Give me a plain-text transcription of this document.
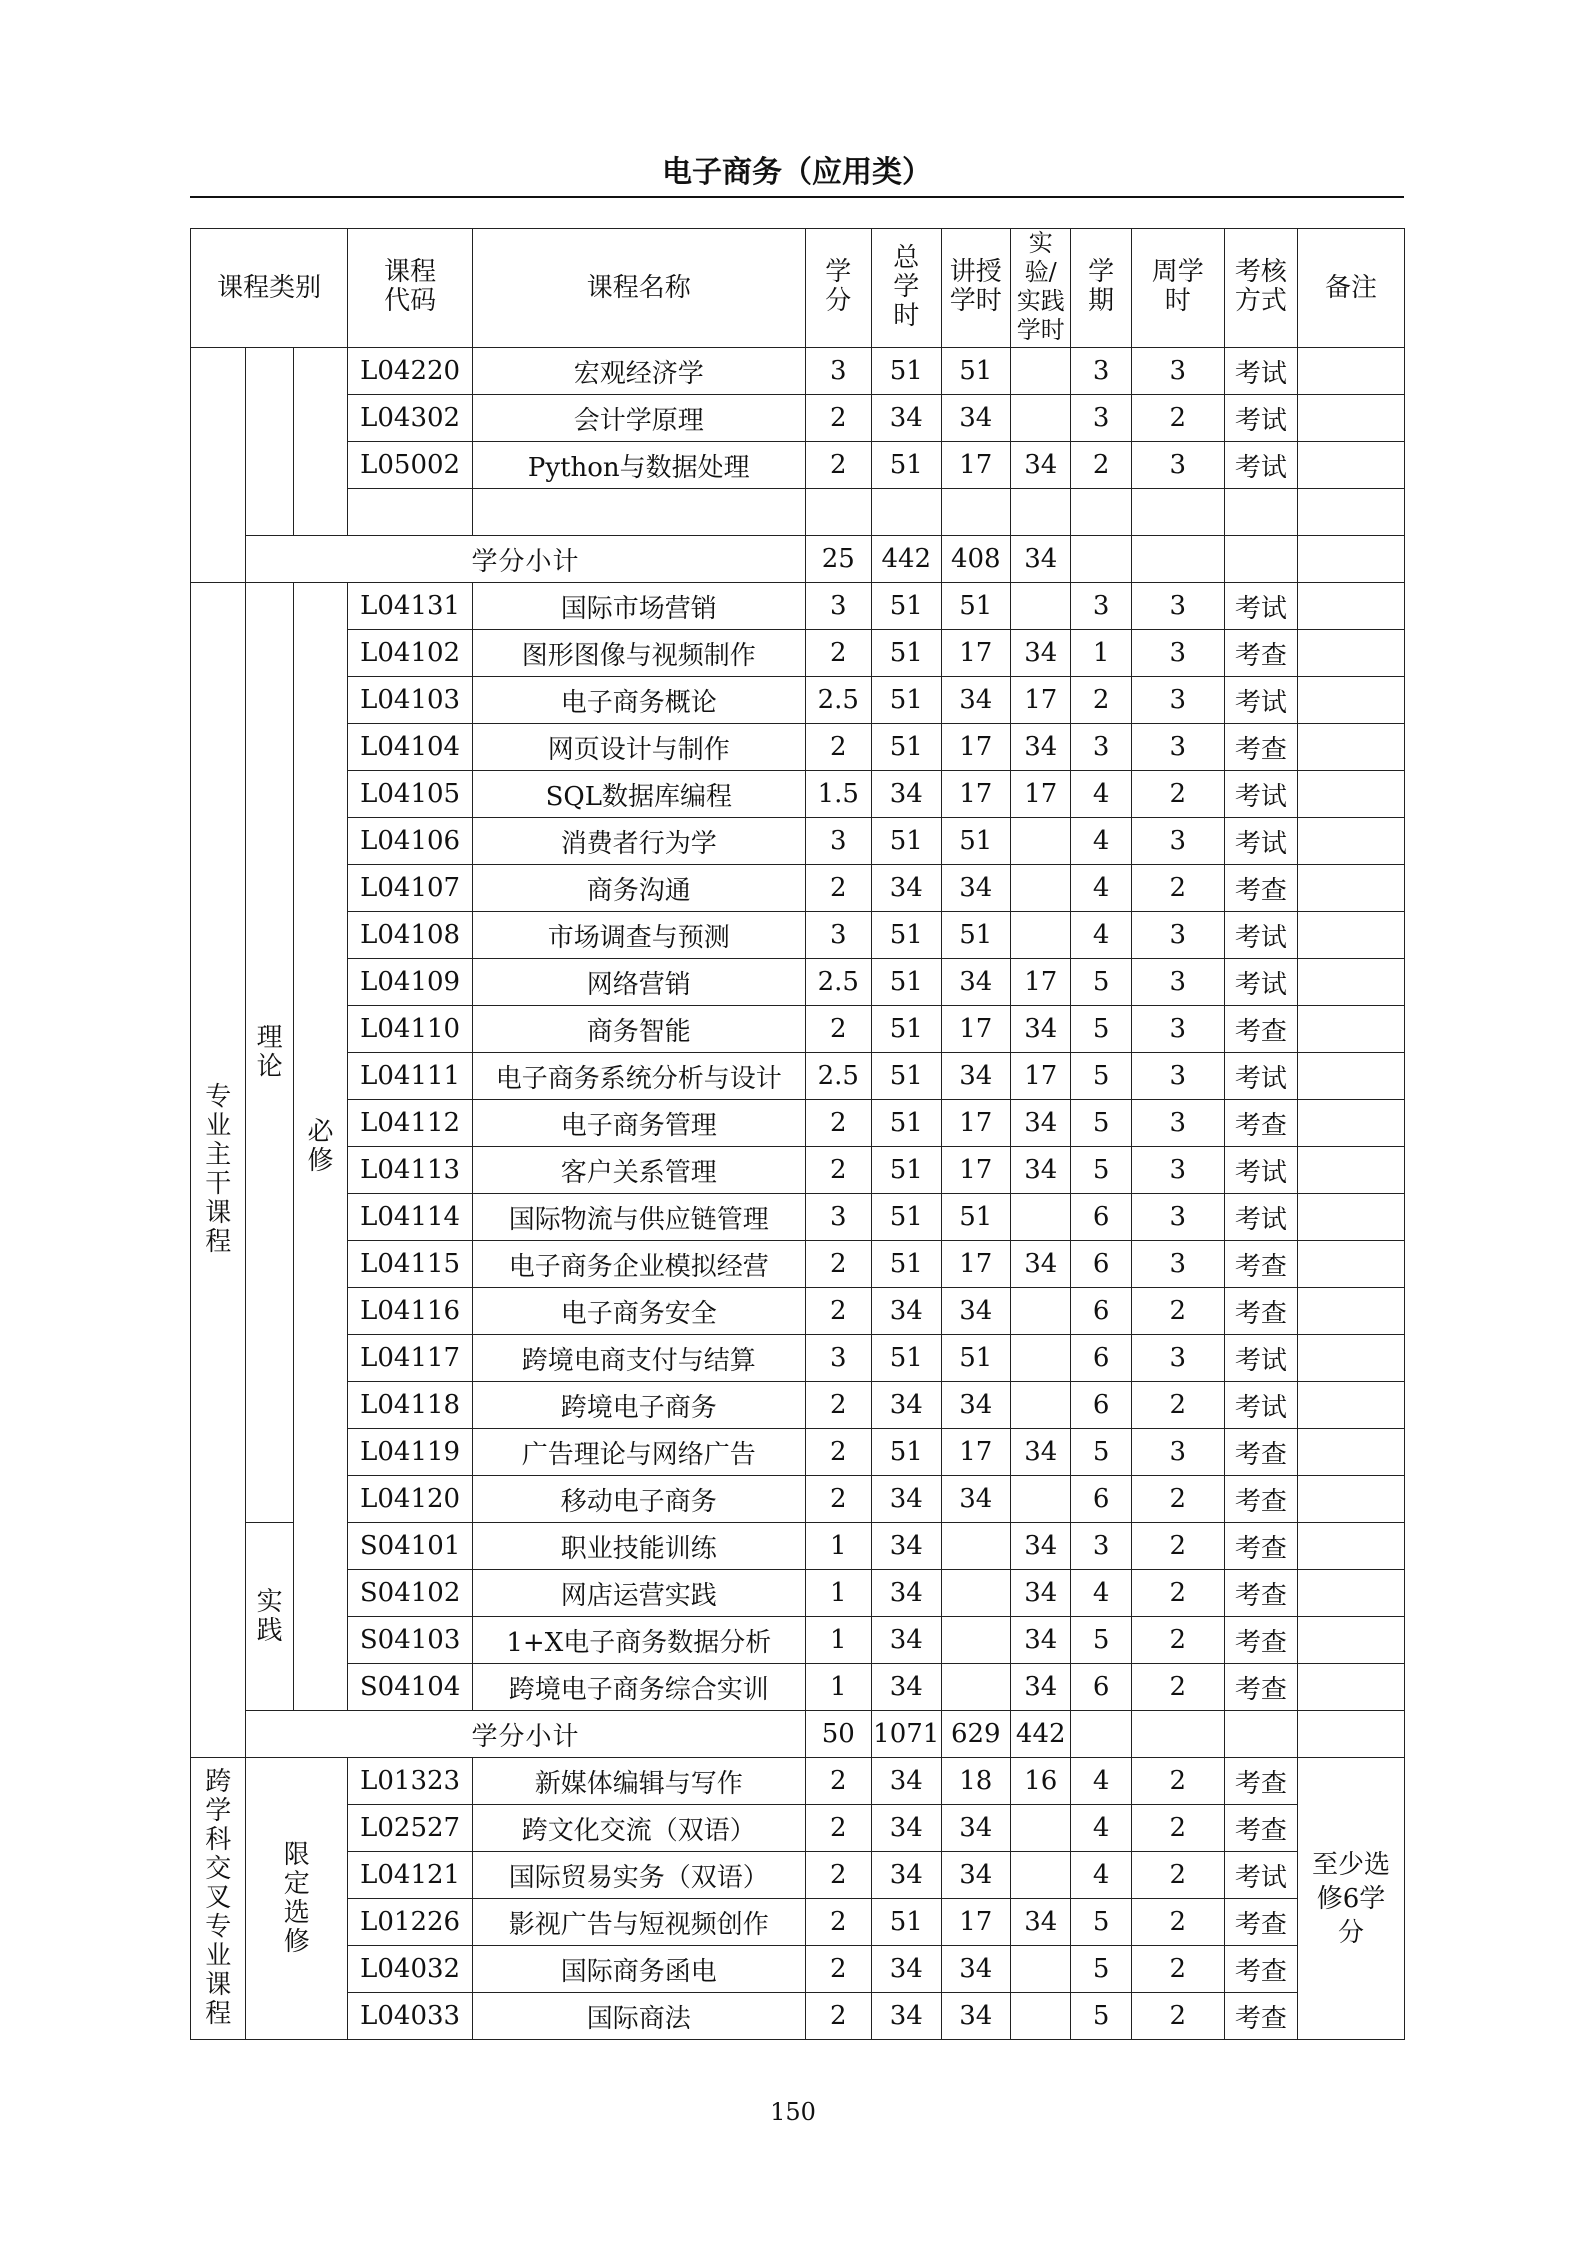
电子商务（应用类）
课程类别			课程代码	课程名称	学分	总学时	讲授学时	实验/实践学时	学期	周学时	考核方式	备注
			L04220	宏观经济学	3	51	51		3	3	考试	
			L04302	会计学原理	2	34	34		3	2	考试	
			L05002	Python与数据处理	2	51	17	34	2	3	考试	

	学分小计				25	442	408	34				
专业主干课程	理论	必修	L04131	国际市场营销	3	51	51		3	3	考试	
			L04102	图形图像与视频制作	2	51	17	34	1	3	考查	
			L04103	电子商务概论	2.5	51	34	17	2	3	考试	
			L04104	网页设计与制作	2	51	17	34	3	3	考查	
			L04105	SQL数据库编程	1.5	34	17	17	4	2	考试	
			L04106	消费者行为学	3	51	51		4	3	考试	
			L04107	商务沟通	2	34	34		4	2	考查	
			L04108	市场调查与预测	3	51	51		4	3	考试	
			L04109	网络营销	2.5	51	34	17	5	3	考试	
			L04110	商务智能	2	51	17	34	5	3	考查	
			L04111	电子商务系统分析与设计	2.5	51	34	17	5	3	考试	
			L04112	电子商务管理	2	51	17	34	5	3	考查	
			L04113	客户关系管理	2	51	17	34	5	3	考试	
			L04114	国际物流与供应链管理	3	51	51		6	3	考试	
			L04115	电子商务企业模拟经营	2	51	17	34	6	3	考查	
			L04116	电子商务安全	2	34	34		6	2	考查	
			L04117	跨境电商支付与结算	3	51	51		6	3	考试	
			L04118	跨境电子商务	2	34	34		6	2	考试	
			L04119	广告理论与网络广告	2	51	17	34	5	3	考查	
			L04120	移动电子商务	2	34	34		6	2	考查	
	实践		S04101	职业技能训练	1	34		34	3	2	考查	
			S04102	网店运营实践	1	34		34	4	2	考查	
			S04103	1+X电子商务数据分析	1	34		34	5	2	考查	
			S04104	跨境电子商务综合实训	1	34		34	6	2	考查	
	学分小计				50	1071	629	442				
跨学科交叉专业课程	限定选修		L01323	新媒体编辑与写作	2	34	18	16	4	2	考查	至少选修6学分
			L02527	跨文化交流（双语）	2	34	34		4	2	考查	
			L04121	国际贸易实务（双语）	2	34	34		4	2	考试	
			L01226	影视广告与短视频创作	2	51	17	34	5	2	考查	
			L04032	国际商务函电	2	34	34		5	2	考查	
			L04033	国际商法	2	34	34		5	2	考查	
150
